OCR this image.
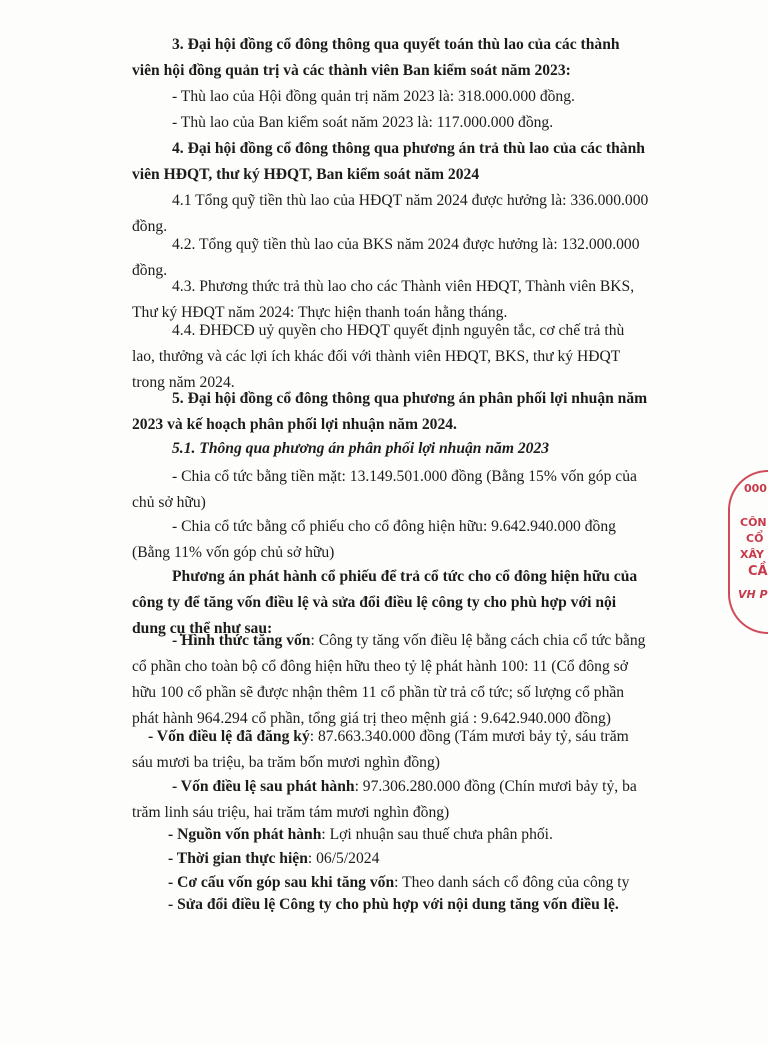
3. Đại hội đồng cổ đông thông qua quyết toán thù lao của các thành
viên hội đồng quản trị và các thành viên Ban kiểm soát năm 2023:
- Thù lao của Hội đồng quản trị năm 2023 là: 318.000.000 đồng.
- Thù lao của Ban kiểm soát năm 2023 là: 117.000.000 đồng.
4. Đại hội đồng cổ đông thông qua phương án trả thù lao của các thành
viên HĐQT, thư ký HĐQT, Ban kiểm soát năm 2024
4.1 Tổng quỹ tiền thù lao của HĐQT năm 2024 được hưởng là: 336.000.000
đồng.
4.2. Tổng quỹ tiền thù lao của BKS năm 2024 được hưởng là: 132.000.000
đồng.
4.3. Phương thức trả thù lao cho các Thành viên HĐQT, Thành viên BKS,
Thư ký HĐQT năm 2024: Thực hiện thanh toán hằng tháng.
4.4. ĐHĐCĐ uỷ quyền cho HĐQT quyết định nguyên tắc, cơ chế trả thù
lao, thưởng và các lợi ích khác đối với thành viên HĐQT, BKS, thư ký HĐQT
trong năm 2024.
5. Đại hội đồng cổ đông thông qua phương án phân phối lợi nhuận năm
2023 và kế hoạch phân phối lợi nhuận năm 2024.
5.1. Thông qua phương án phân phối lợi nhuận năm 2023
- Chia cổ tức bằng tiền mặt: 13.149.501.000 đồng (Bằng 15% vốn góp của
chủ sở hữu)
- Chia cổ tức bằng cổ phiếu cho cổ đông hiện hữu: 9.642.940.000 đồng
(Bằng 11% vốn góp chủ sở hữu)
Phương án phát hành cổ phiếu để trả cổ tức cho cổ đông hiện hữu của
công ty để tăng vốn điều lệ và sửa đổi điều lệ công ty cho phù hợp với nội
dung cụ thể như sau:
- Hình thức tăng vốn: Công ty tăng vốn điều lệ bằng cách chia cổ tức bằng
cổ phần cho toàn bộ cổ đông hiện hữu theo tỷ lệ phát hành 100: 11 (Cổ đông sở
hữu 100 cổ phần sẽ được nhận thêm 11 cổ phần từ trả cổ tức; số lượng cổ phần
phát hành 964.294 cổ phần, tổng giá trị theo mệnh giá : 9.642.940.000 đồng)
- Vốn điều lệ đã đăng ký: 87.663.340.000 đồng (Tám mươi bảy tỷ, sáu trăm
sáu mươi ba triệu, ba trăm bốn mươi nghìn đồng)
- Vốn điều lệ sau phát hành: 97.306.280.000 đồng (Chín mươi bảy tỷ, ba
trăm linh sáu triệu, hai trăm tám mươi nghìn đồng)
- Nguồn vốn phát hành: Lợi nhuận sau thuế chưa phân phối.
- Thời gian thực hiện: 06/5/2024
- Cơ cấu vốn góp sau khi tăng vốn: Theo danh sách cổ đông của công ty
- Sửa đổi điều lệ Công ty cho phù hợp với nội dung tăng vốn điều lệ.
000
CÔN
CỔ
XÂY
CẦ
VH P
